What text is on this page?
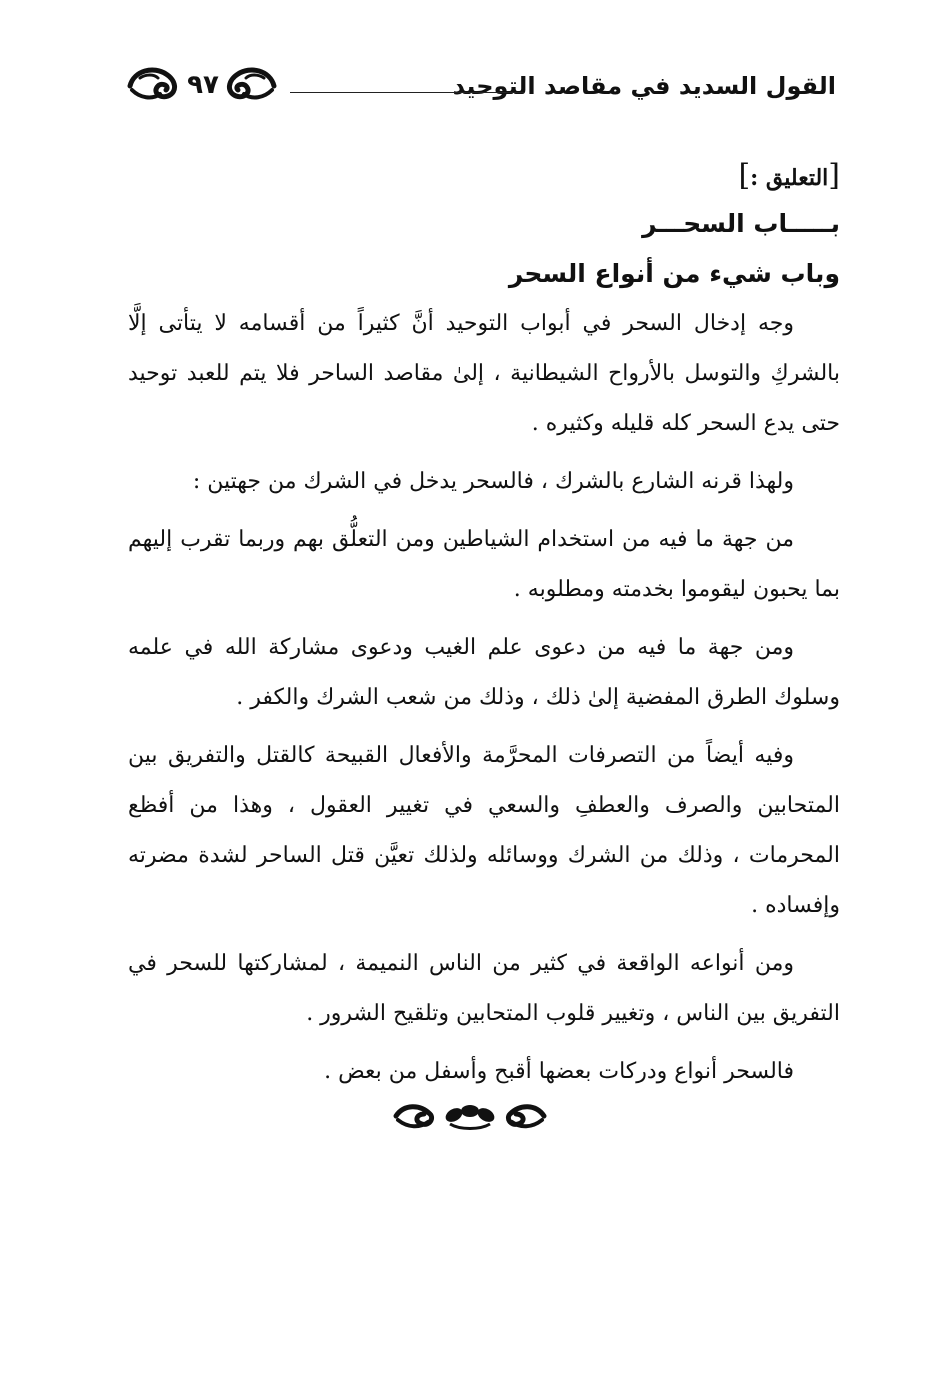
القول السديد في مقاصد التوحيد
٩٧
[التعليق :]
بـــــاب السحـــر
وباب شيء من أنواع السحر

وجه إدخال السحر في أبواب التوحيد أنَّ كثيراً من أقسامه لا يتأتى إلَّا بالشركِ والتوسل بالأرواح الشيطانية ، إلىٰ مقاصد الساحر فلا يتم للعبد توحيد حتى يدع السحر كله قليله وكثيره .

ولهذا قرنه الشارع بالشرك ، فالسحر يدخل في الشرك من جهتين :

من جهة ما فيه من استخدام الشياطين ومن التعلُّق بهم وربما تقرب إليهم بما يحبون ليقوموا بخدمته ومطلوبه .

ومن جهة ما فيه من دعوى علم الغيب ودعوى مشاركة الله في علمه وسلوك الطرق المفضية إلىٰ ذلك ، وذلك من شعب الشرك والكفر .

وفيه أيضاً من التصرفات المحرَّمة والأفعال القبيحة كالقتل والتفريق بين المتحابين والصرف والعطفِ والسعي في تغيير العقول ، وهذا من أفظع المحرمات ، وذلك من الشرك ووسائله ولذلك تعيَّن قتل الساحر لشدة مضرته وإفساده .

ومن أنواعه الواقعة في كثير من الناس النميمة ، لمشاركتها للسحر في التفريق بين الناس ، وتغيير قلوب المتحابين وتلقيح الشرور .

فالسحر أنواع ودركات بعضها أقبح وأسفل من بعض .
